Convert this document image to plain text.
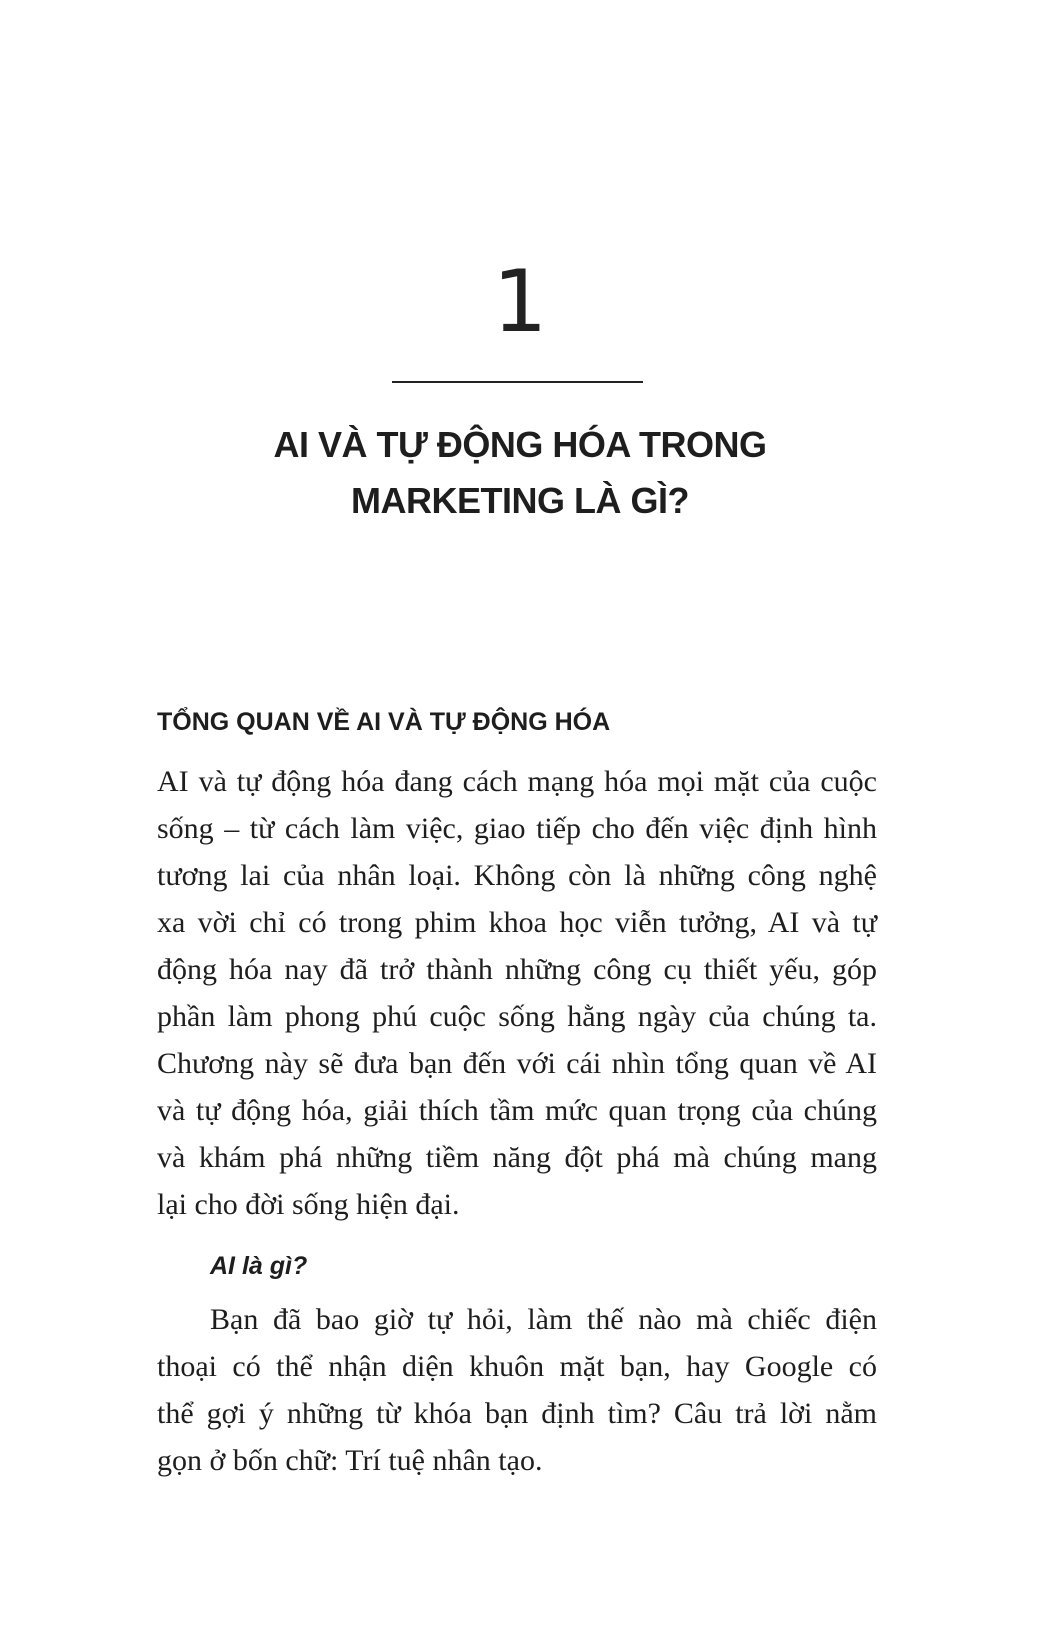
1
AI VÀ TỰ ĐỘNG HÓA TRONG
MARKETING LÀ GÌ?
TỔNG QUAN VỀ AI VÀ TỰ ĐỘNG HÓA
AI và tự động hóa đang cách mạng hóa mọi mặt của cuộc
sống – từ cách làm việc, giao tiếp cho đến việc định hình
tương lai của nhân loại. Không còn là những công nghệ
xa vời chỉ có trong phim khoa học viễn tưởng, AI và tự
động hóa nay đã trở thành những công cụ thiết yếu, góp
phần làm phong phú cuộc sống hằng ngày của chúng ta.
Chương này sẽ đưa bạn đến với cái nhìn tổng quan về AI
và tự động hóa, giải thích tầm mức quan trọng của chúng
và khám phá những tiềm năng đột phá mà chúng mang
lại cho đời sống hiện đại.
AI là gì?
Bạn đã bao giờ tự hỏi, làm thế nào mà chiếc điện
thoại có thể nhận diện khuôn mặt bạn, hay Google có
thể gợi ý những từ khóa bạn định tìm? Câu trả lời nằm
gọn ở bốn chữ: Trí tuệ nhân tạo.
